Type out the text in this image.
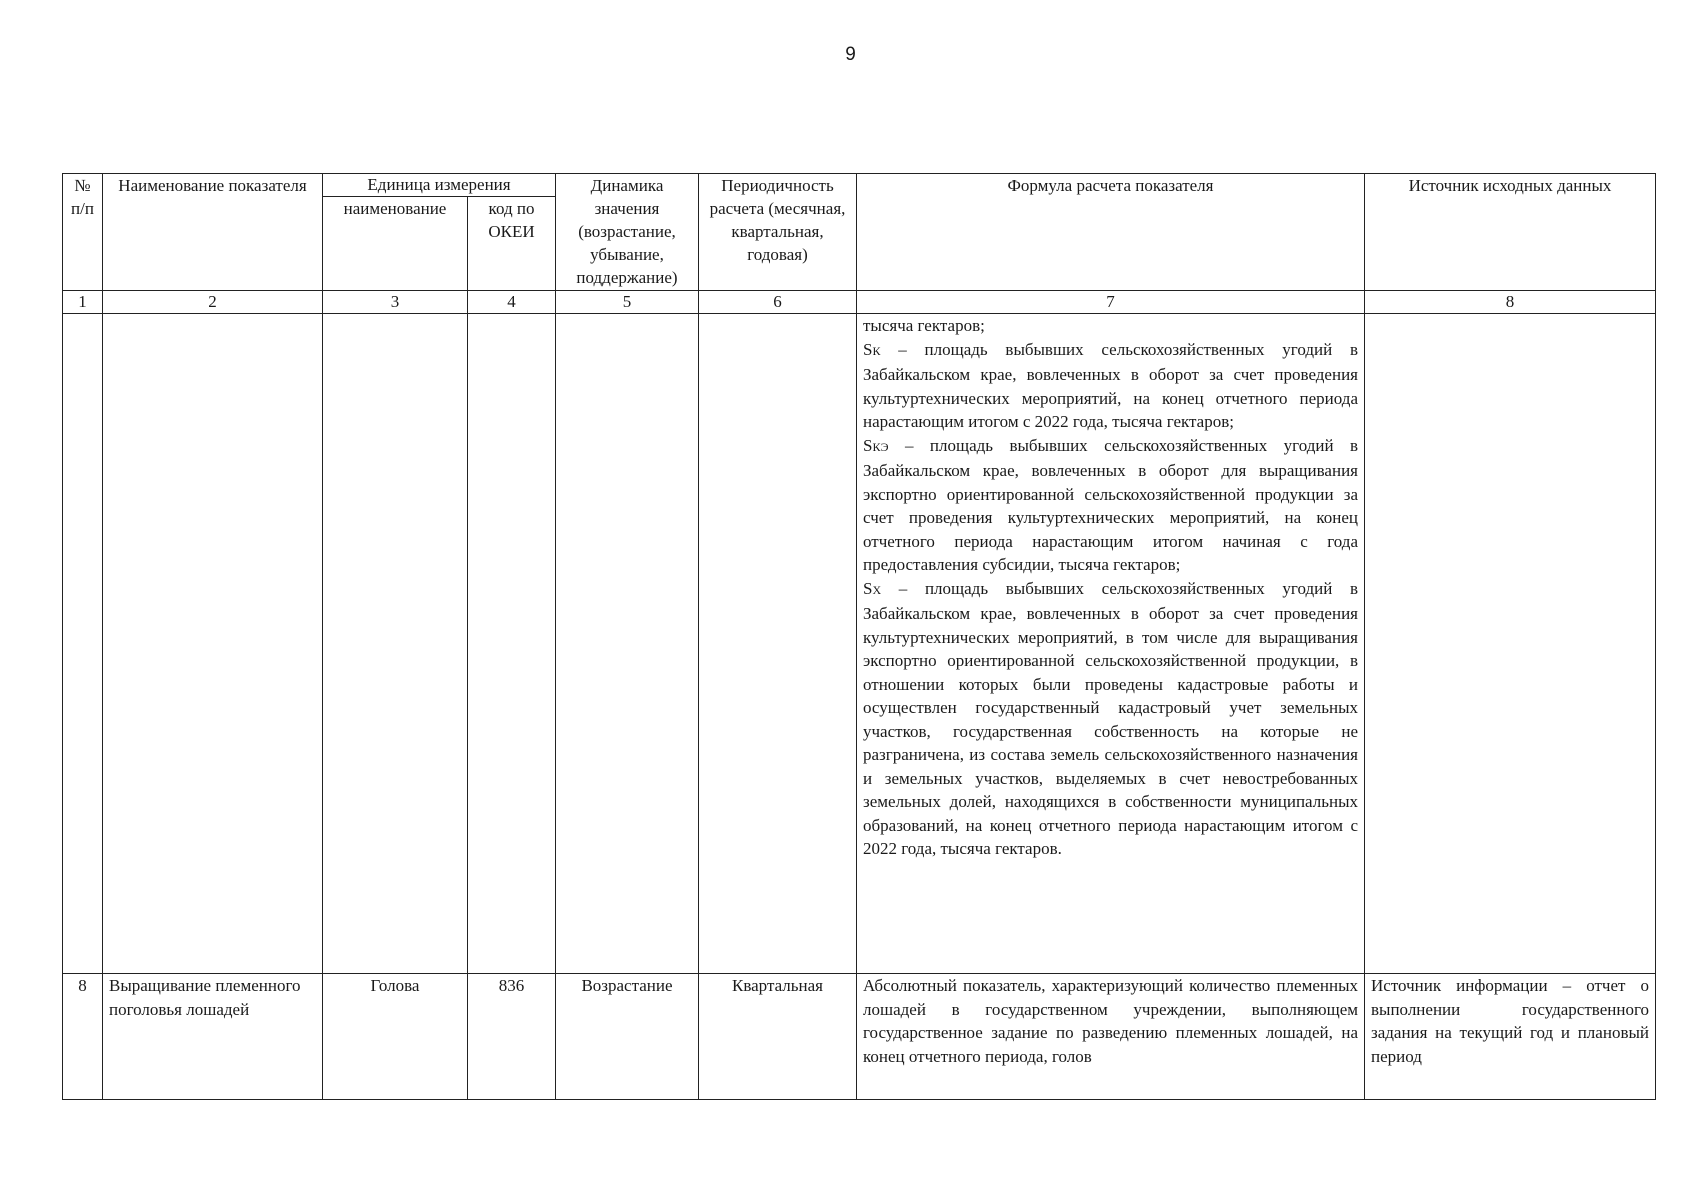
9
№ п/п	Наименование показателя	Единица измерения		Динамика значения (возрастание, убывание, поддержание)	Периодичность расчета (месячная, квартальная, годовая)	Формула расчета показателя	Источник исходных данных
		наименование	код по ОКЕИ				
1	2	3	4	5	6	7	8

						тысяча гектаров;

SК – площадь выбывших сельскохозяйственных угодий в Забайкальском крае, вовлеченных в оборот за счет проведения культуртехнических мероприятий, на конец отчетного периода нарастающим итогом с 2022 года, тысяча гектаров;

SКЭ – площадь выбывших сельскохозяйственных угодий в Забайкальском крае, вовлеченных в оборот для выращивания экспортно ориентированной сельскохозяйственной продукции за счет проведения культуртехнических мероприятий, на конец отчетного периода нарастающим итогом начиная с года предоставления субсидии, тысяча гектаров;

SХ – площадь выбывших сельскохозяйственных угодий в Забайкальском крае, вовлеченных в оборот за счет проведения культуртехнических мероприятий, в том числе для выращивания экспортно ориентированной сельскохозяйственной продукции, в отношении которых были проведены кадастровые работы и осуществлен государственный кадастровый учет земельных участков, государственная собственность на которые не разграничена, из состава земель сельскохозяйственного назначения и земельных участков, выделяемых в счет невостребованных земельных долей, находящихся в собственности муниципальных образований, на конец отчетного периода нарастающим итогом с 2022 года, тысяча гектаров.	

8	Выращивание племенного поголовья лошадей	Голова	836	Возрастание	Квартальная	Абсолютный показатель, характеризующий количество племенных лошадей в государственном учреждении, выполняющем государственное задание по разведению племенных лошадей, на конец отчетного периода, голов	Источник информации – отчет о выполнении государственного задания на текущий год и плановый период
